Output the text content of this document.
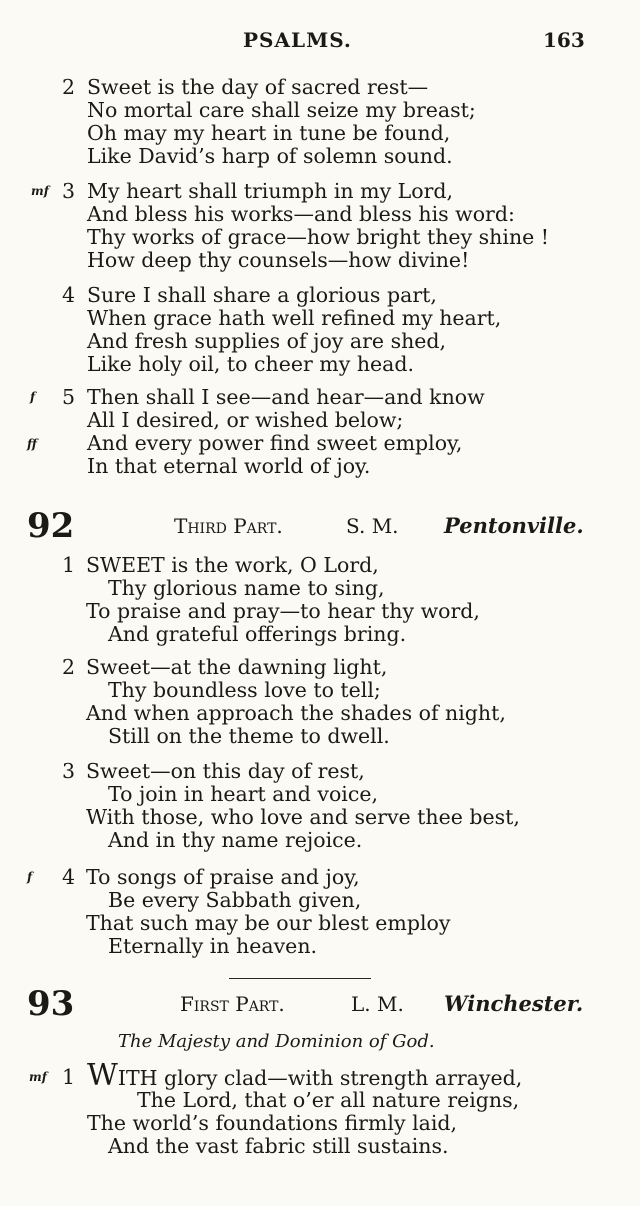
PSALMS.	163
2 Sweet is the day of sacred rest—
No mortal care shall seize my breast;
Oh may my heart in tune be found,
Like David’s harp of solemn sound.
mf 3 My heart shall triumph in my Lord,
And bless his works—and bless his word:
Thy works of grace—how bright they shine !
How deep thy counsels—how divine!
4 Sure I shall share a glorious part,
When grace hath well refined my heart,
And fresh supplies of joy are shed,
Like holy oil, to cheer my head.
f
ff
5 Then shall I see—and hear—and know
All I desired, or wished below;
And every power find sweet employ,
In that eternal world of joy.
92	Third Part.	S. M. Pentonville.
1 SWEET is the work, O Lord,
Thy glorious name to sing,
To praise and pray—to hear thy word,
And grateful offerings bring.
2 Sweet—at the dawning light,
Thy boundless love to tell;
And when approach the shades of night,
Still on the theme to dwell.
3 Sweet—on this day of rest,
To join in heart and voice,
With those, who love and serve thee best,
And in thy name rejoice.
f 4 To songs of praise and joy,
Be every Sabbath given,
That such may be our blest employ
Eternally in heaven.
93	First Part.	L. M. Winchester.
The Majesty and Dominion of God.
mf 1 WITH glory clad—with strength arrayed,
The Lord, that o’er all nature reigns,
The world’s foundations firmly laid,
And the vast fabric still sustains.
